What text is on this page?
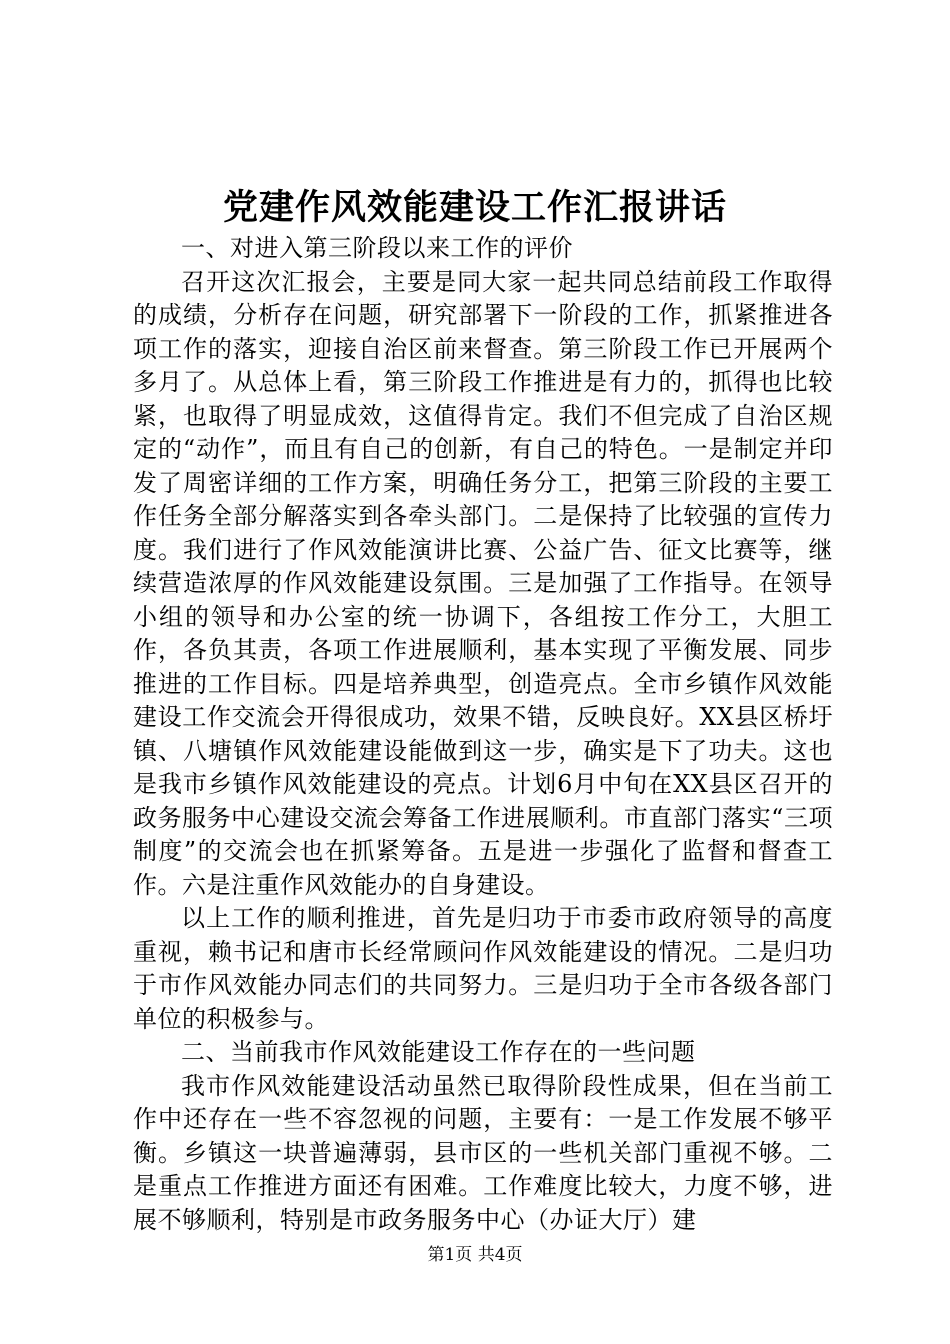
党建作风效能建设工作汇报讲话

一、对进入第三阶段以来工作的评价

召开这次汇报会，主要是同大家一起共同总结前段工作取得的成绩，分析存在问题，研究部署下一阶段的工作，抓紧推进各项工作的落实，迎接自治区前来督查。第三阶段工作已开展两个多月了。从总体上看，第三阶段工作推进是有力的，抓得也比较紧，也取得了明显成效，这值得肯定。我们不但完成了自治区规定的“动作”，而且有自己的创新，有自己的特色。一是制定并印发了周密详细的工作方案，明确任务分工，把第三阶段的主要工作任务全部分解落实到各牵头部门。二是保持了比较强的宣传力度。我们进行了作风效能演讲比赛、公益广告、征文比赛等，继续营造浓厚的作风效能建设氛围。三是加强了工作指导。在领导小组的领导和办公室的统一协调下，各组按工作分工，大胆工作，各负其责，各项工作进展顺利，基本实现了平衡发展、同步推进的工作目标。四是培养典型，创造亮点。全市乡镇作风效能建设工作交流会开得很成功，效果不错，反映良好。XX县区桥圩镇、八塘镇作风效能建设能做到这一步，确实是下了功夫。这也是我市乡镇作风效能建设的亮点。计划6月中旬在XX县区召开的政务服务中心建设交流会筹备工作进展顺利。市直部门落实“三项制度”的交流会也在抓紧筹备。五是进一步强化了监督和督查工作。六是注重作风效能办的自身建设。

以上工作的顺利推进，首先是归功于市委市政府领导的高度重视，赖书记和唐市长经常顾问作风效能建设的情况。二是归功于市作风效能办同志们的共同努力。三是归功于全市各级各部门单位的积极参与。

二、当前我市作风效能建设工作存在的一些问题

我市作风效能建设活动虽然已取得阶段性成果，但在当前工作中还存在一些不容忽视的问题，主要有：一是工作发展不够平衡。乡镇这一块普遍薄弱，县市区的一些机关部门重视不够。二是重点工作推进方面还有困难。工作难度比较大，力度不够，进展不够顺利，特别是市政务服务中心（办证大厅）建

第1页 共4页
